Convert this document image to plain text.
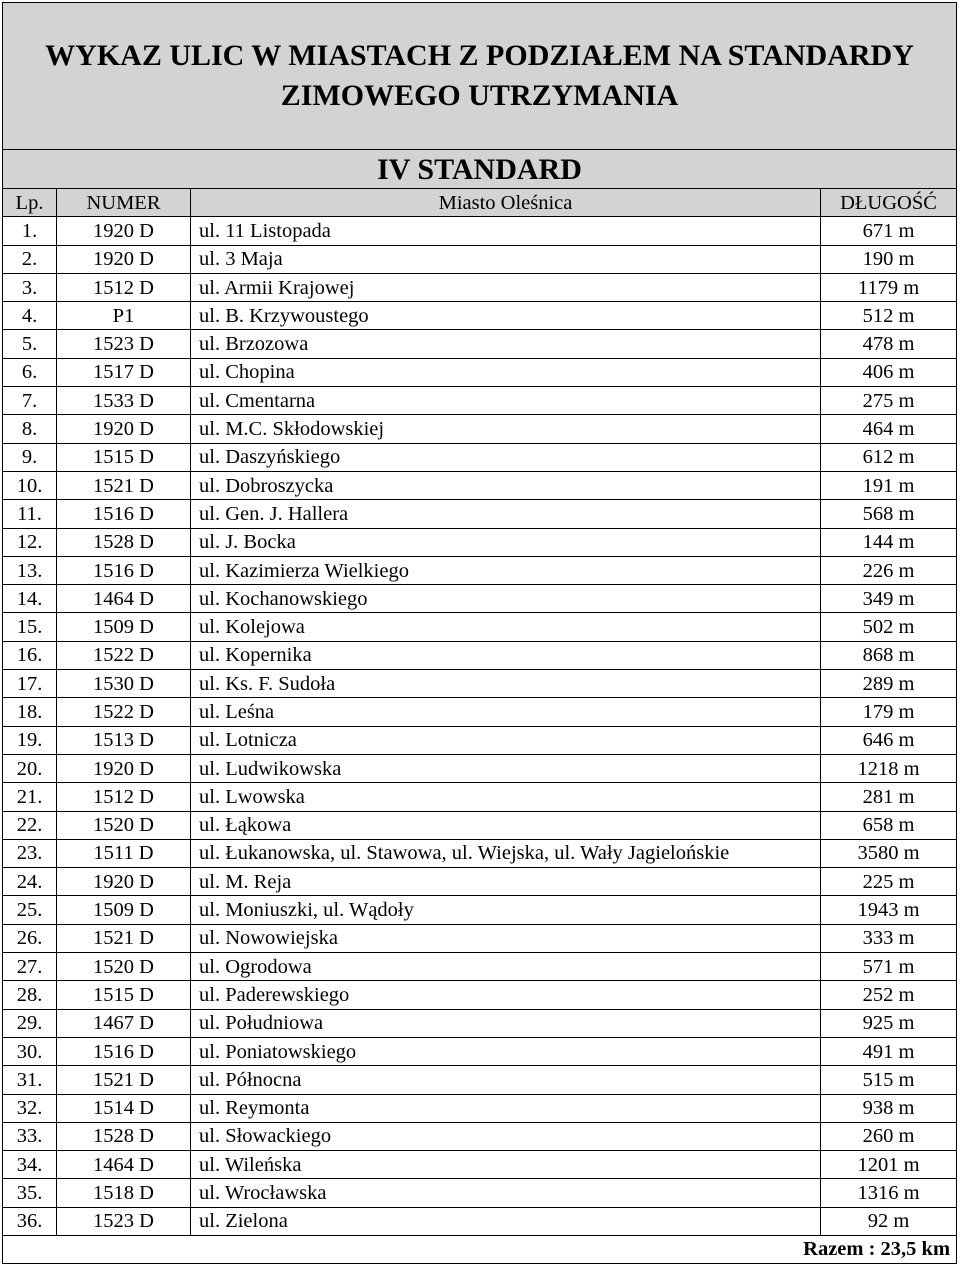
WYKAZ ULIC W MIASTACH Z PODZIAŁEM NA STANDARDY
ZIMOWEGO UTRZYMANIA			

IV STANDARD			
Lp.	NUMER	Miasto Oleśnica	DŁUGOŚĆ
1.	1920 D	ul. 11 Listopada	671 m
2.	1920 D	ul. 3 Maja	190 m
3.	1512 D	ul. Armii Krajowej	1179 m
4.	P1	ul. B. Krzywoustego	512 m
5.	1523 D	ul. Brzozowa	478 m
6.	1517 D	ul. Chopina	406 m
7.	1533 D	ul. Cmentarna	275 m
8.	1920 D	ul. M.C. Skłodowskiej	464 m
9.	1515 D	ul. Daszyńskiego	612 m
10.	1521 D	ul. Dobroszycka	191 m
11.	1516 D	ul. Gen. J. Hallera	568 m
12.	1528 D	ul. J. Bocka	144 m
13.	1516 D	ul. Kazimierza Wielkiego	226 m
14.	1464 D	ul. Kochanowskiego	349 m
15.	1509 D	ul. Kolejowa	502 m
16.	1522 D	ul. Kopernika	868 m
17.	1530 D	ul. Ks. F. Sudoła	289 m
18.	1522 D	ul. Leśna	179 m
19.	1513 D	ul. Lotnicza	646 m
20.	1920 D	ul. Ludwikowska	1218 m
21.	1512 D	ul. Lwowska	281 m
22.	1520 D	ul. Łąkowa	658 m
23.	1511 D	ul. Łukanowska, ul. Stawowa, ul. Wiejska, ul. Wały Jagielońskie	3580 m
24.	1920 D	ul. M. Reja	225 m
25.	1509 D	ul. Moniuszki, ul. Wądoły	1943 m
26.	1521 D	ul. Nowowiejska	333 m
27.	1520 D	ul. Ogrodowa	571 m
28.	1515 D	ul. Paderewskiego	252 m
29.	1467 D	ul. Południowa	925 m
30.	1516 D	ul. Poniatowskiego	491 m
31.	1521 D	ul. Północna	515 m
32.	1514 D	ul. Reymonta	938 m
33.	1528 D	ul. Słowackiego	260 m
34.	1464 D	ul. Wileńska	1201 m
35.	1518 D	ul. Wrocławska	1316 m
36.	1523 D	ul. Zielona	92 m
Razem : 23,5 km			
